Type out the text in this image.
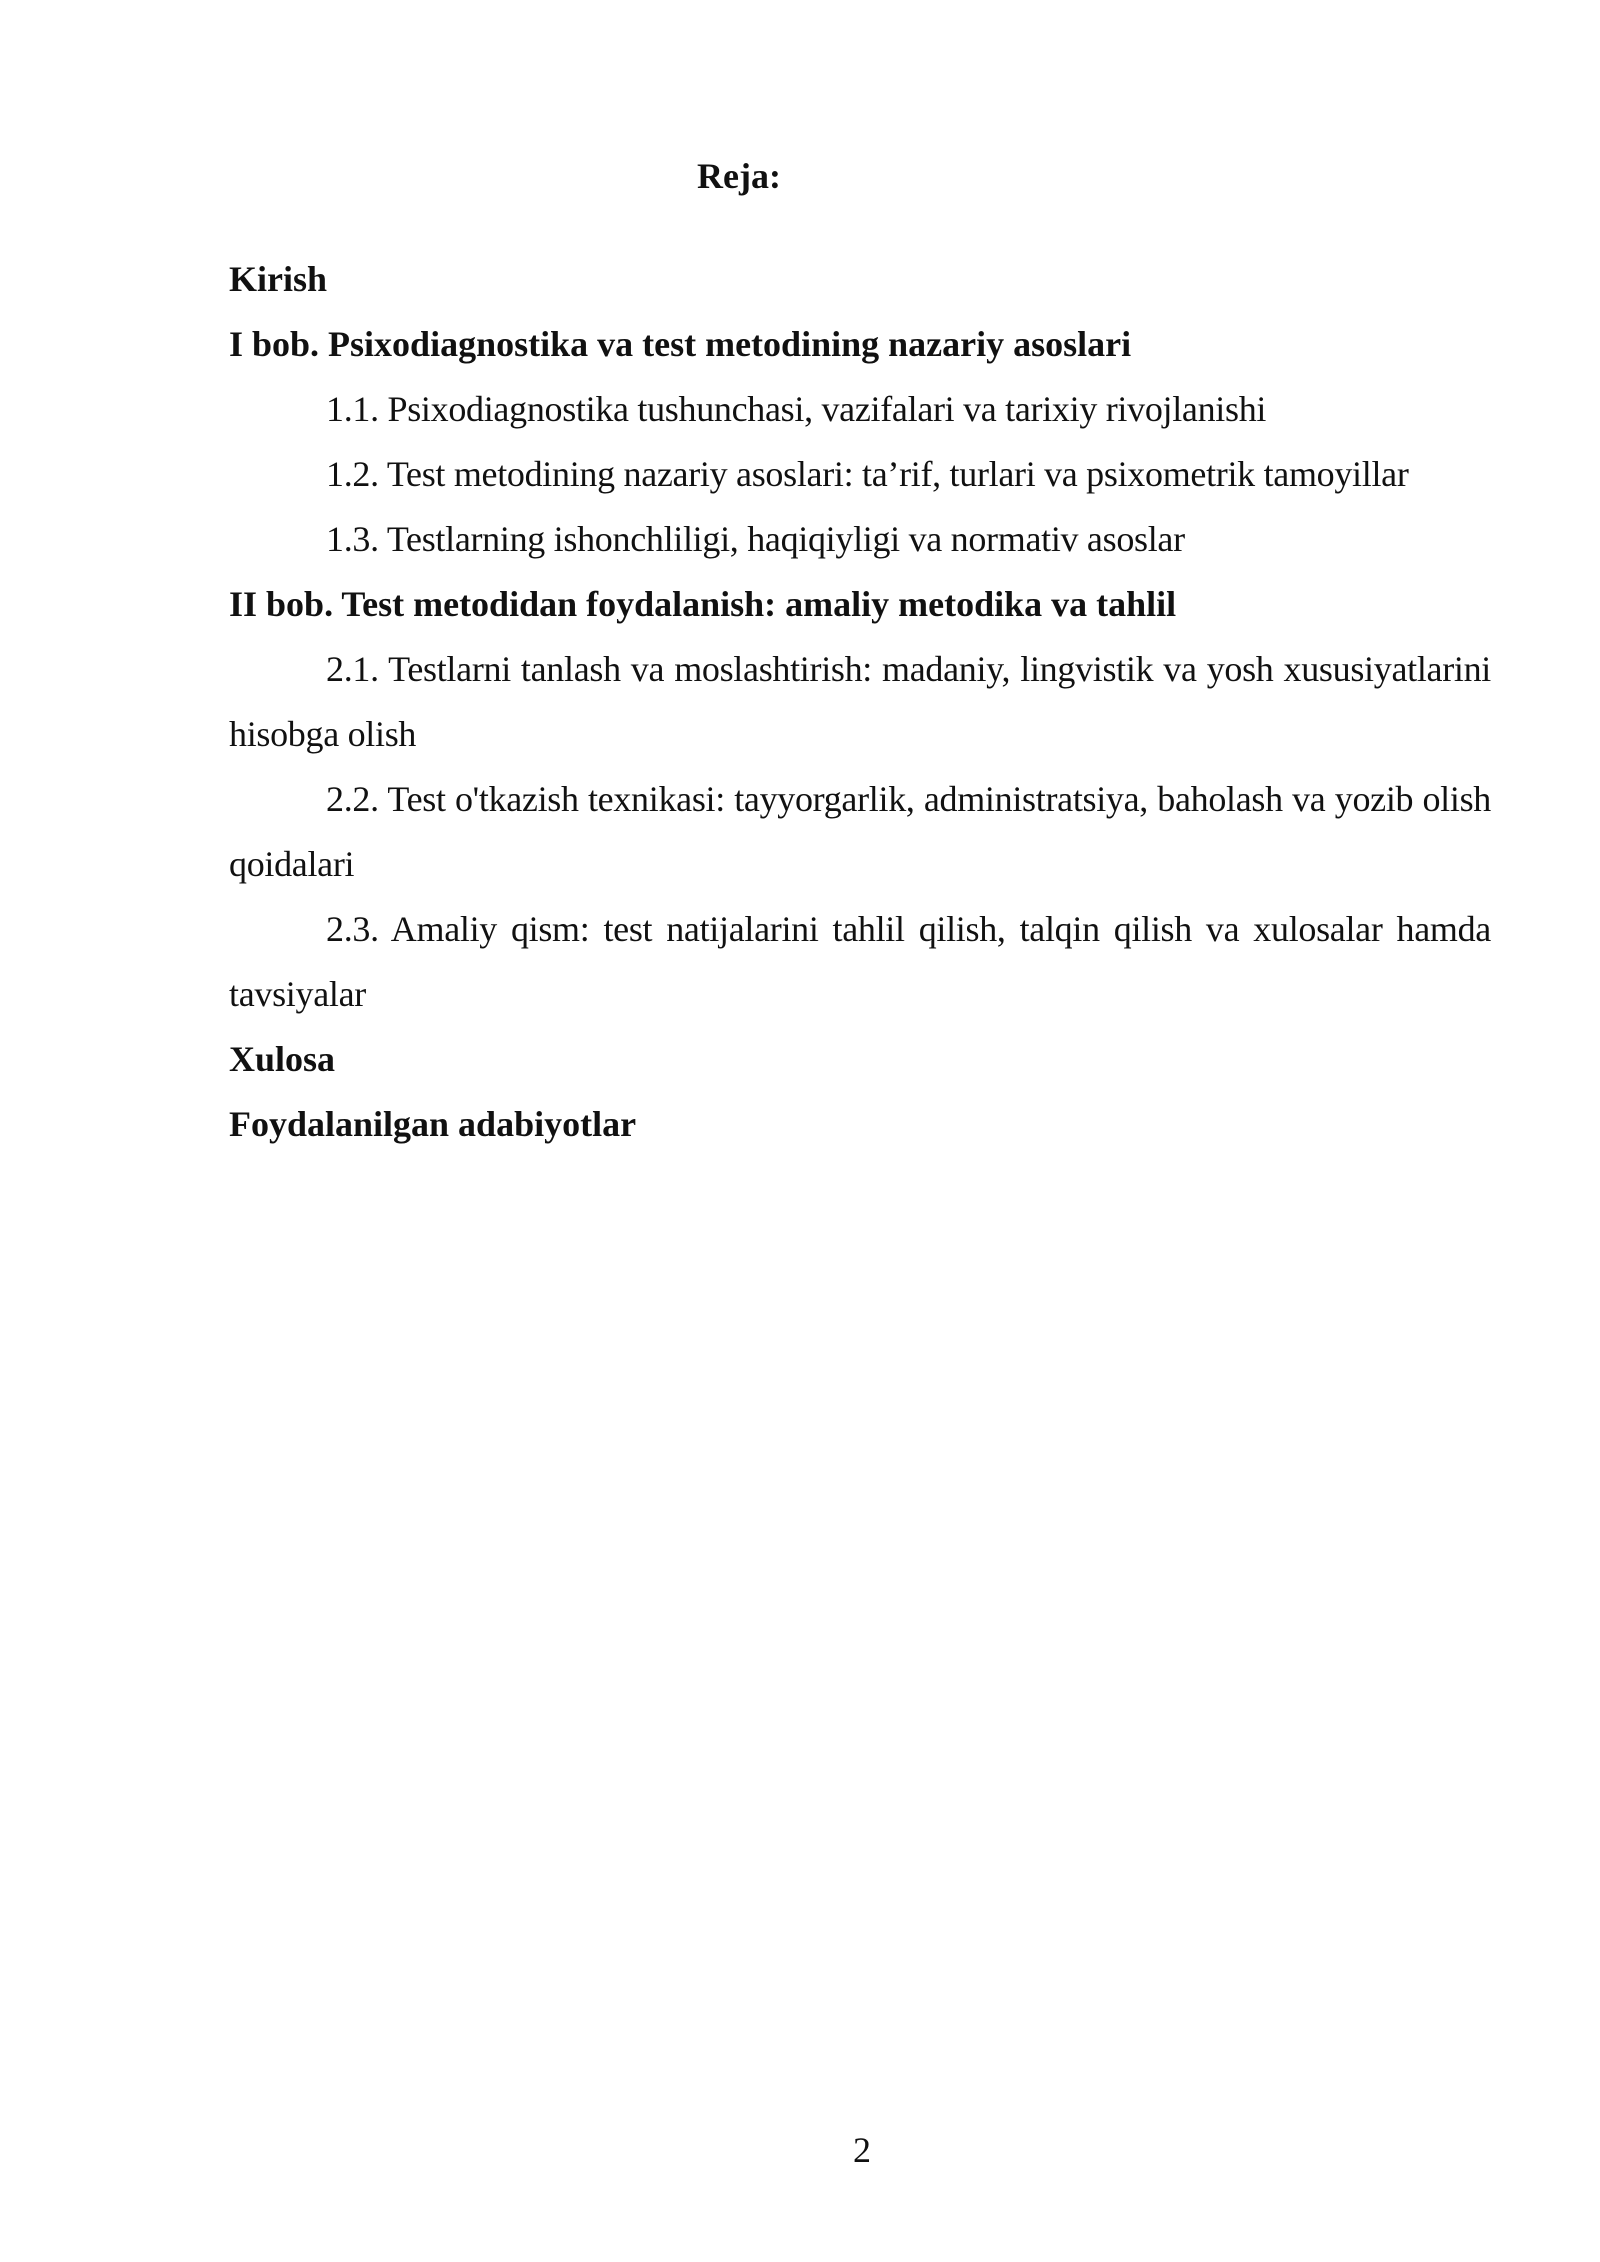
Reja:

Kirish

I bob. Psixodiagnostika va test metodining nazariy asoslari

1.1. Psixodiagnostika tushunchasi, vazifalari va tarixiy rivojlanishi

1.2. Test metodining nazariy asoslari: ta’rif, turlari va psixometrik tamoyillar

1.3. Testlarning ishonchliligi, haqiqiyligi va normativ asoslar

II bob. Test metodidan foydalanish: amaliy metodika va tahlil

2.1. Testlarni tanlash va moslashtirish: madaniy, lingvistik va yosh xususiyatlarini hisobga olish

2.2. Test o'tkazish texnikasi: tayyorgarlik, administratsiya, baholash va yozib olish qoidalari

2.3. Amaliy qism: test natijalarini tahlil qilish, talqin qilish va xulosalar hamda tavsiyalar

Xulosa

Foydalanilgan adabiyotlar

2
